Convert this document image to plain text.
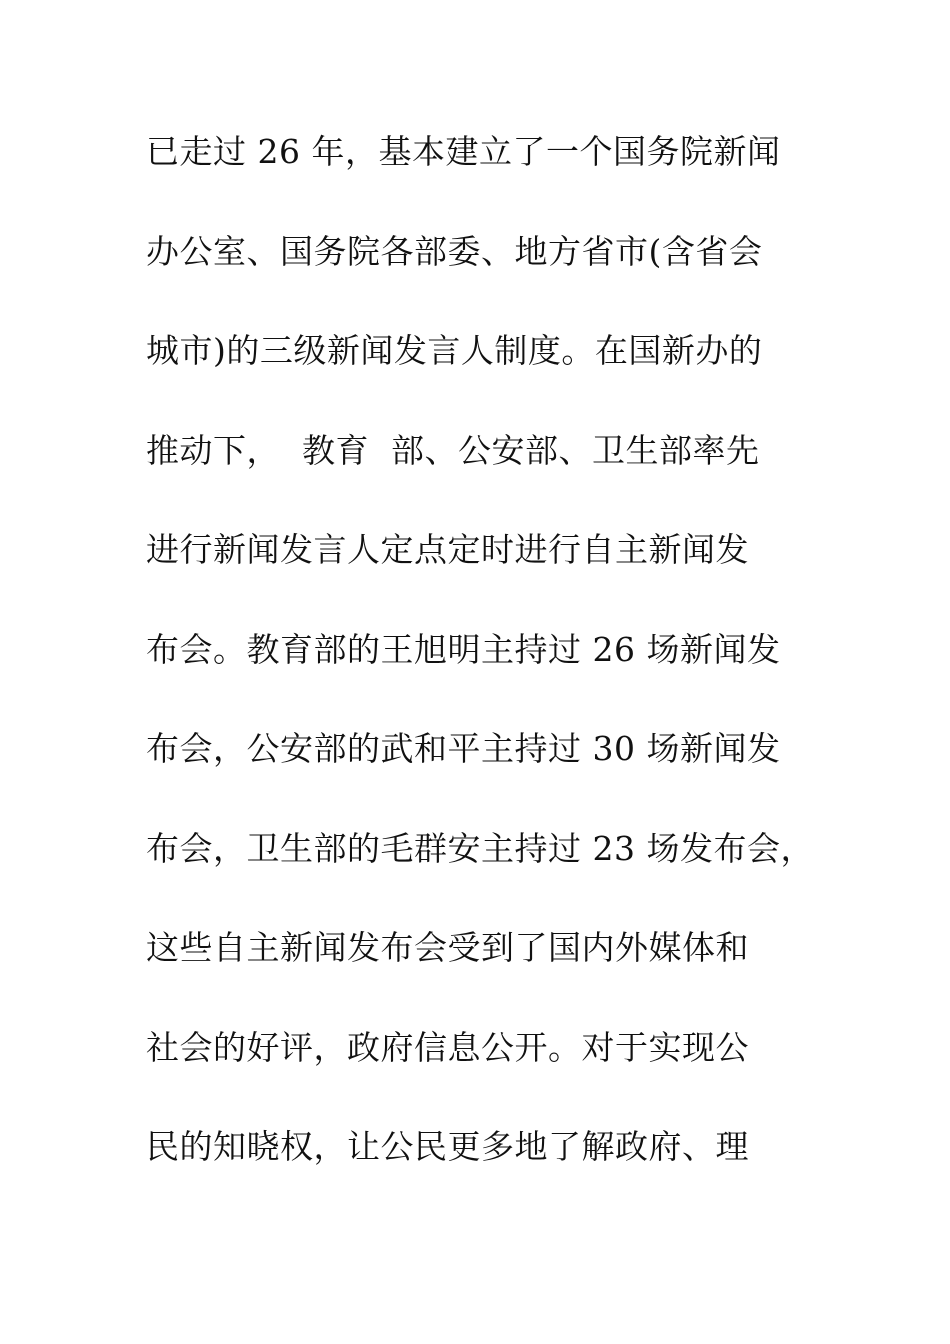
已走过 26 年，基本建立了一个国务院新闻
办公室、国务院各部委、地方省市(含省会
城市)的三级新闻发言人制度。在国新办的
推动下，  教育  部、公安部、卫生部率先
进行新闻发言人定点定时进行自主新闻发
布会。教育部的王旭明主持过 26 场新闻发
布会，公安部的武和平主持过 30 场新闻发
布会，卫生部的毛群安主持过 23 场发布会，
这些自主新闻发布会受到了国内外媒体和
社会的好评，政府信息公开。对于实现公
民的知晓权，让公民更多地了解政府、理
